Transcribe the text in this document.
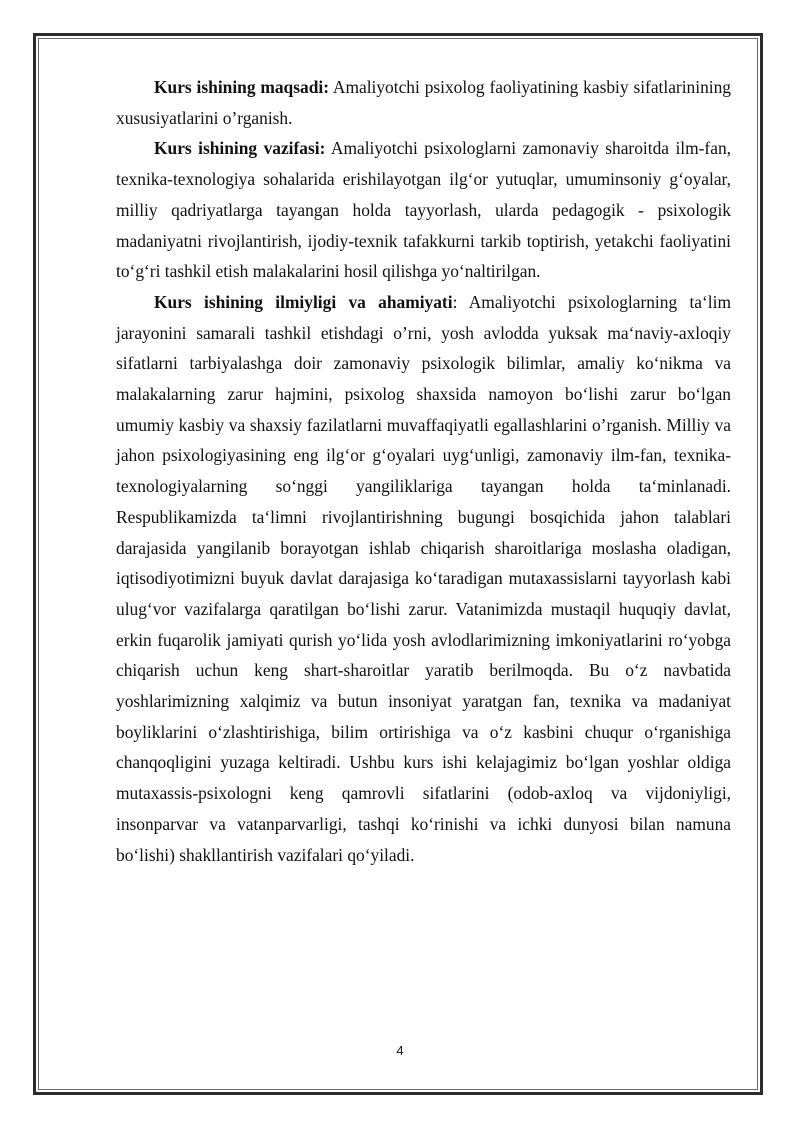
Kurs ishining maqsadi: Amaliyotchi psixolog faoliyatining kasbiy sifatlarinining xususiyatlarini o’rganish.

Kurs ishining vazifasi: Amaliyotchi psixologlarni zamonaviy sharoitda ilm-fan, texnika-texnologiya sohalarida erishilayotgan ilg‘or yutuqlar, umuminsoniy g‘oyalar, milliy qadriyatlarga tayangan holda tayyorlash, ularda pedagogik - psixologik madaniyatni rivojlantirish, ijodiy-texnik tafakkurni tarkib toptirish, yetakchi faoliyatini to‘g‘ri tashkil etish malakalarini hosil qilishga yo‘naltirilgan.

Kurs ishining ilmiyligi va ahamiyati: Amaliyotchi psixologlarning ta‘lim jarayonini samarali tashkil etishdagi o’rni, yosh avlodda yuksak ma‘naviy-axloqiy sifatlarni tarbiyalashga doir zamonaviy psixologik bilimlar, amaliy ko‘nikma va malakalarning zarur hajmini, psixolog shaxsida namoyon bo‘lishi zarur bo‘lgan umumiy kasbiy va shaxsiy fazilatlarni muvaffaqiyatli egallashlarini o’rganish. Milliy va jahon psixologiyasining eng ilg‘or g‘oyalari uyg‘unligi, zamonaviy ilm-fan, texnika-texnologiyalarning so‘nggi yangiliklariga tayangan holda ta‘minlanadi. Respublikamizda ta‘limni rivojlantirishning bugungi bosqichida jahon talablari darajasida yangilanib borayotgan ishlab chiqarish sharoitlariga moslasha oladigan, iqtisodiyotimizni buyuk davlat darajasiga ko‘taradigan mutaxassislarni tayyorlash kabi ulug‘vor vazifalarga qaratilgan bo‘lishi zarur. Vatanimizda mustaqil huquqiy davlat, erkin fuqarolik jamiyati qurish yo‘lida yosh avlodlarimizning imkoniyatlarini ro‘yobga chiqarish uchun keng shart-sharoitlar yaratib berilmoqda. Bu o‘z navbatida yoshlarimizning xalqimiz va butun insoniyat yaratgan fan, texnika va madaniyat boyliklarini o‘zlashtirishiga, bilim ortirishiga va o‘z kasbini chuqur o‘rganishiga chanqoqligini yuzaga keltiradi. Ushbu kurs ishi kelajagimiz bo‘lgan yoshlar oldiga mutaxassis-psixologni keng qamrovli sifatlarini (odob-axloq va vijdoniyligi, insonparvar va vatanparvarligi, tashqi ko‘rinishi va ichki dunyosi bilan namuna bo‘lishi) shakllantirish vazifalari qo‘yiladi.

4
